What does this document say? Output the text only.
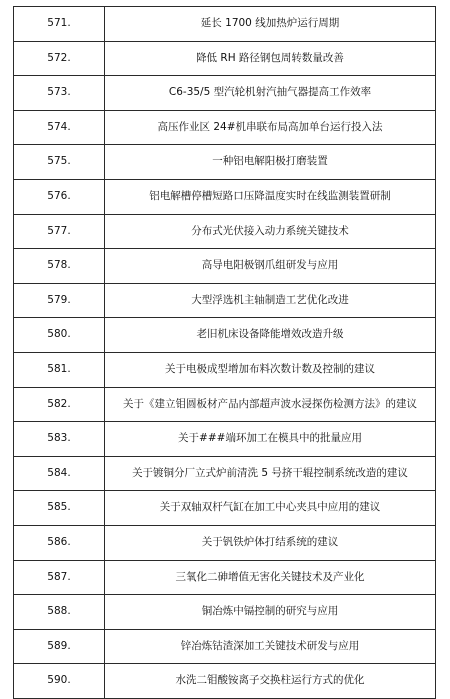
571.	延长 1700 线加热炉运行周期
572.	降低 RH 路径钢包周转数量改善
573.	C6-35/5 型汽轮机射汽抽气器提高工作效率
574.	高压作业区 24#机串联布局高加单台运行投入法
575.	一种铝电解阳极打磨装置
576.	铝电解槽停槽短路口压降温度实时在线监测装置研制
577.	分布式光伏接入动力系统关键技术
578.	高导电阳极钢爪组研发与应用
579.	大型浮选机主轴制造工艺优化改进
580.	老旧机床设备降能增效改造升级
581.	关于电极成型增加布料次数计数及控制的建议
582.	关于《建立钼圆板材产品内部超声波水浸探伤检测方法》的建议
583.	关于###端环加工在模具中的批量应用
584.	关于镀铜分厂立式炉前清洗 5 号挤干辊控制系统改造的建议
585.	关于双轴双杆气缸在加工中心夹具中应用的建议
586.	关于钒铁炉体打结系统的建议
587.	三氧化二砷增值无害化关键技术及产业化
588.	铜冶炼中镉控制的研究与应用
589.	锌冶炼钴渣深加工关键技术研发与应用
590.	水洗二钼酸铵离子交换柱运行方式的优化
